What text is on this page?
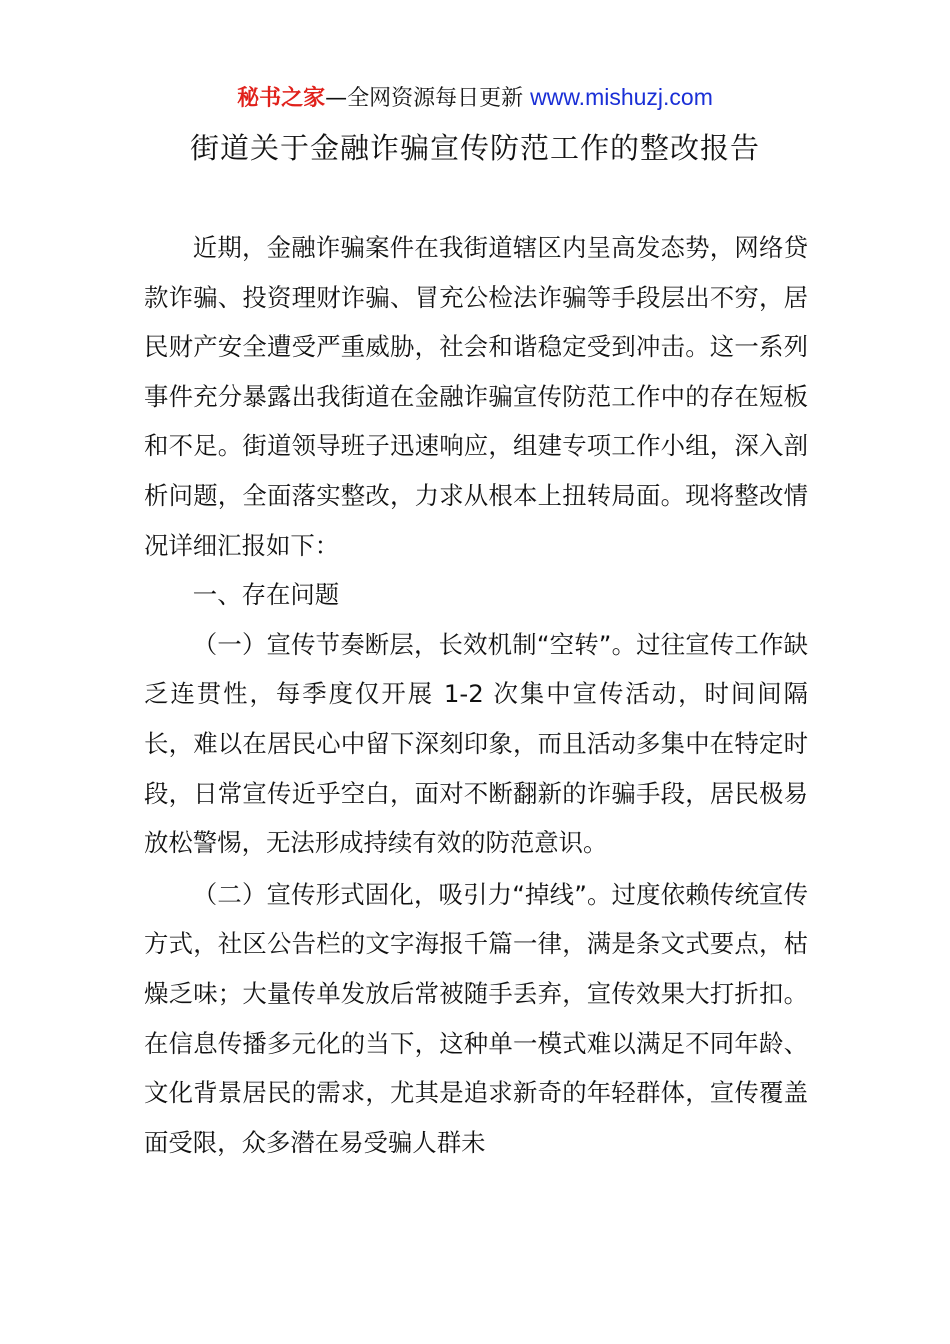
秘书之家—全网资源每日更新 www.mishuzj.com
街道关于金融诈骗宣传防范工作的整改报告

近期，金融诈骗案件在我街道辖区内呈高发态势，网络贷款诈骗、投资理财诈骗、冒充公检法诈骗等手段层出不穷，居民财产安全遭受严重威胁，社会和谐稳定受到冲击。这一系列事件充分暴露出我街道在金融诈骗宣传防范工作中的存在短板和不足。街道领导班子迅速响应，组建专项工作小组，深入剖析问题，全面落实整改，力求从根本上扭转局面。现将整改情况详细汇报如下：

一、存在问题

（一）宣传节奏断层，长效机制“空转”。过往宣传工作缺乏连贯性，每季度仅开展 1-2 次集中宣传活动，时间间隔长，难以在居民心中留下深刻印象，而且活动多集中在特定时段，日常宣传近乎空白，面对不断翻新的诈骗手段，居民极易放松警惕，无法形成持续有效的防范意识。

（二）宣传形式固化，吸引力“掉线”。过度依赖传统宣传方式，社区公告栏的文字海报千篇一律，满是条文式要点，枯燥乏味；大量传单发放后常被随手丢弃，宣传效果大打折扣。在信息传播多元化的当下，这种单一模式难以满足不同年龄、文化背景居民的需求，尤其是追求新奇的年轻群体，宣传覆盖面受限，众多潜在易受骗人群未
